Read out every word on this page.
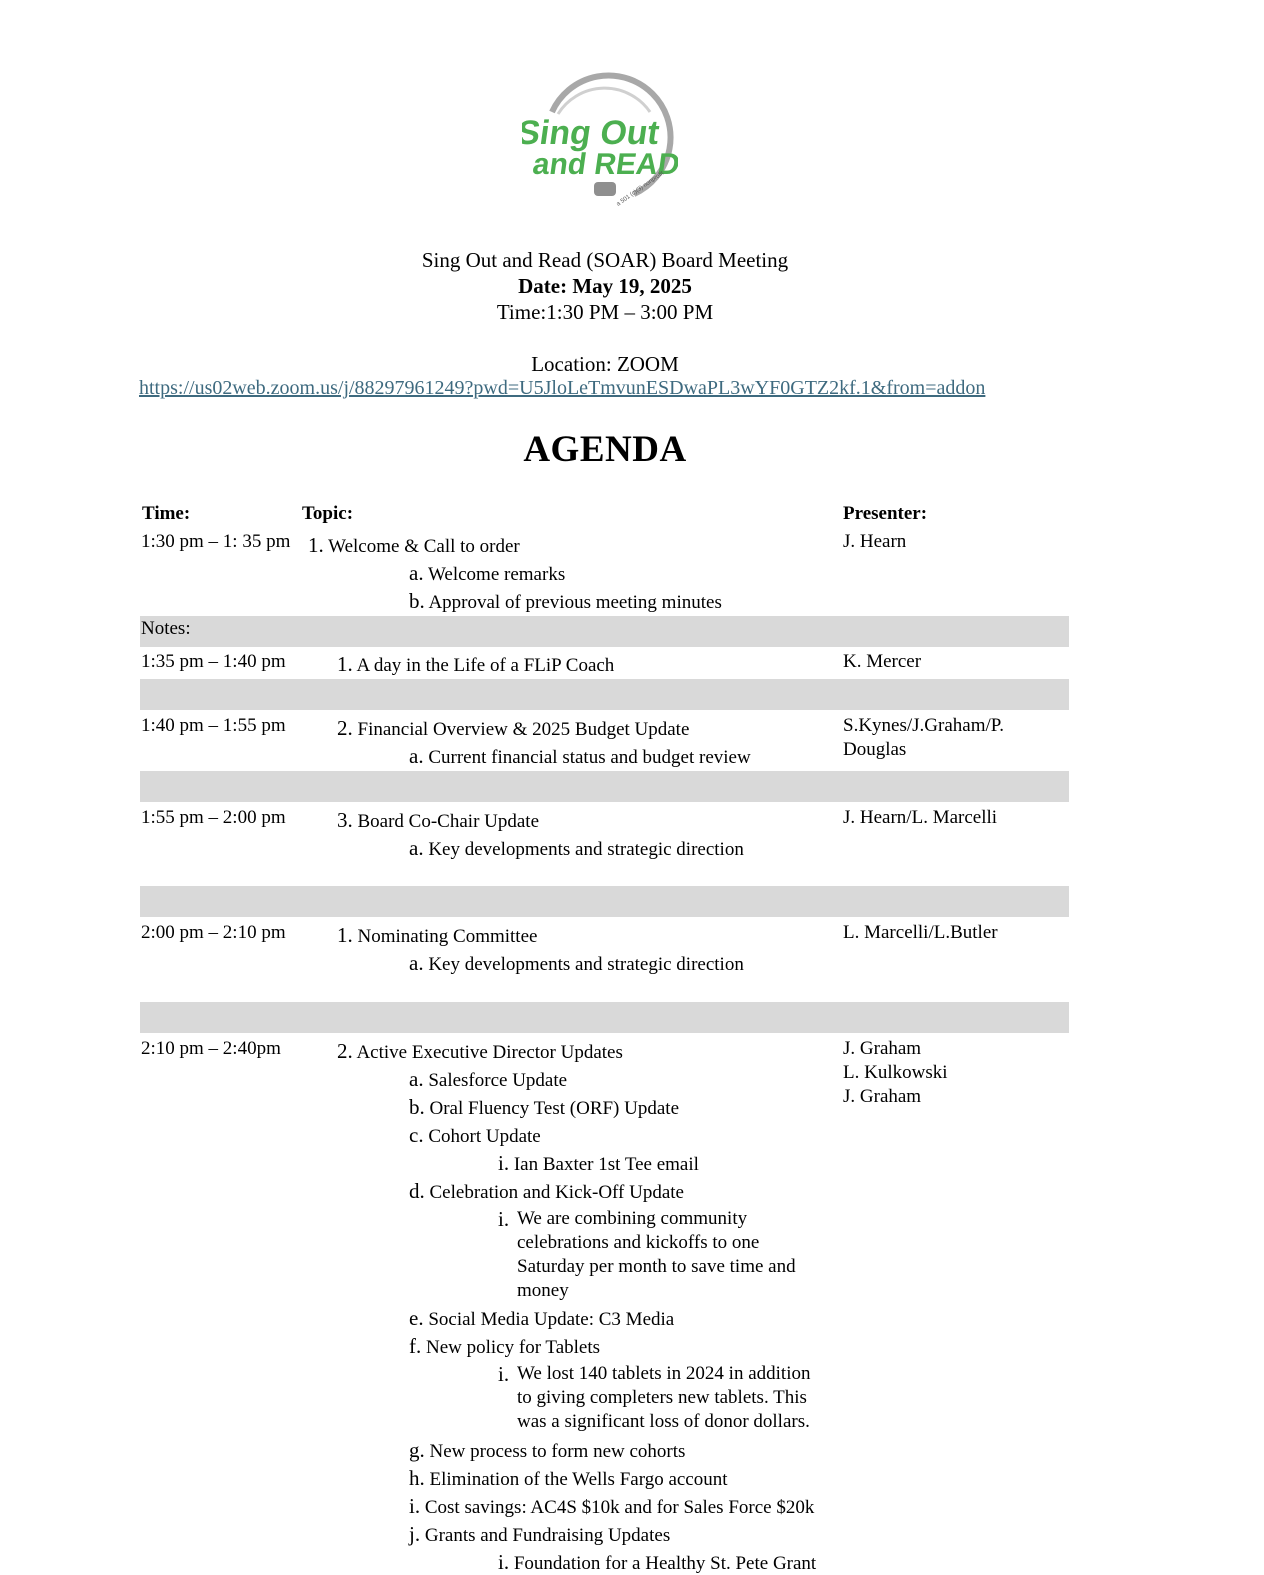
Sing Out
and READ
a 501 (c)(3) nonprofit
Sing Out and Read (SOAR) Board Meeting
Date: May 19, 2025
Time:1:30 PM – 3:00 PM
Location: ZOOM
https://us02web.zoom.us/j/88297961249?pwd=U5JloLeTmvunESDwaPL3wYF0GTZ2kf.1&from=addon
AGENDA
Time:	Topic:	Presenter:
1:30 pm – 1: 35 pm 1. Welcome & Call to order	J. Hearn
a. Welcome remarks
b. Approval of previous meeting minutes
Notes:
1:35 pm – 1:40 pm 1. A day in the Life of a FLiP Coach	K. Mercer
1:40 pm – 1:55 pm 2. Financial Overview & 2025 Budget Update	S.Kynes/J.Graham/P.
Douglas
a. Current financial status and budget review
1:55 pm – 2:00 pm 3. Board Co-Chair Update	J. Hearn/L. Marcelli
a. Key developments and strategic direction
2:00 pm – 2:10 pm 1. Nominating Committee	L. Marcelli/L.Butler
a. Key developments and strategic direction
2:10 pm – 2:40pm	2. Active Executive Director Updates	J. Graham
L. Kulkowski
J. Graham
a. Salesforce Update
b. Oral Fluency Test (ORF) Update
c. Cohort Update
i. Ian Baxter 1st Tee email
d. Celebration and Kick-Off Update
i. We are combining community
celebrations and kickoffs to one
Saturday per month to save time and
money
e. Social Media Update: C3 Media
f. New policy for Tablets
i. We lost 140 tablets in 2024 in addition
to giving completers new tablets. This
was a significant loss of donor dollars.
g. New process to form new cohorts
h. Elimination of the Wells Fargo account
i. Cost savings: AC4S $10k and for Sales Force $20k
j. Grants and Fundraising Updates
i. Foundation for a Healthy St. Pete Grant
